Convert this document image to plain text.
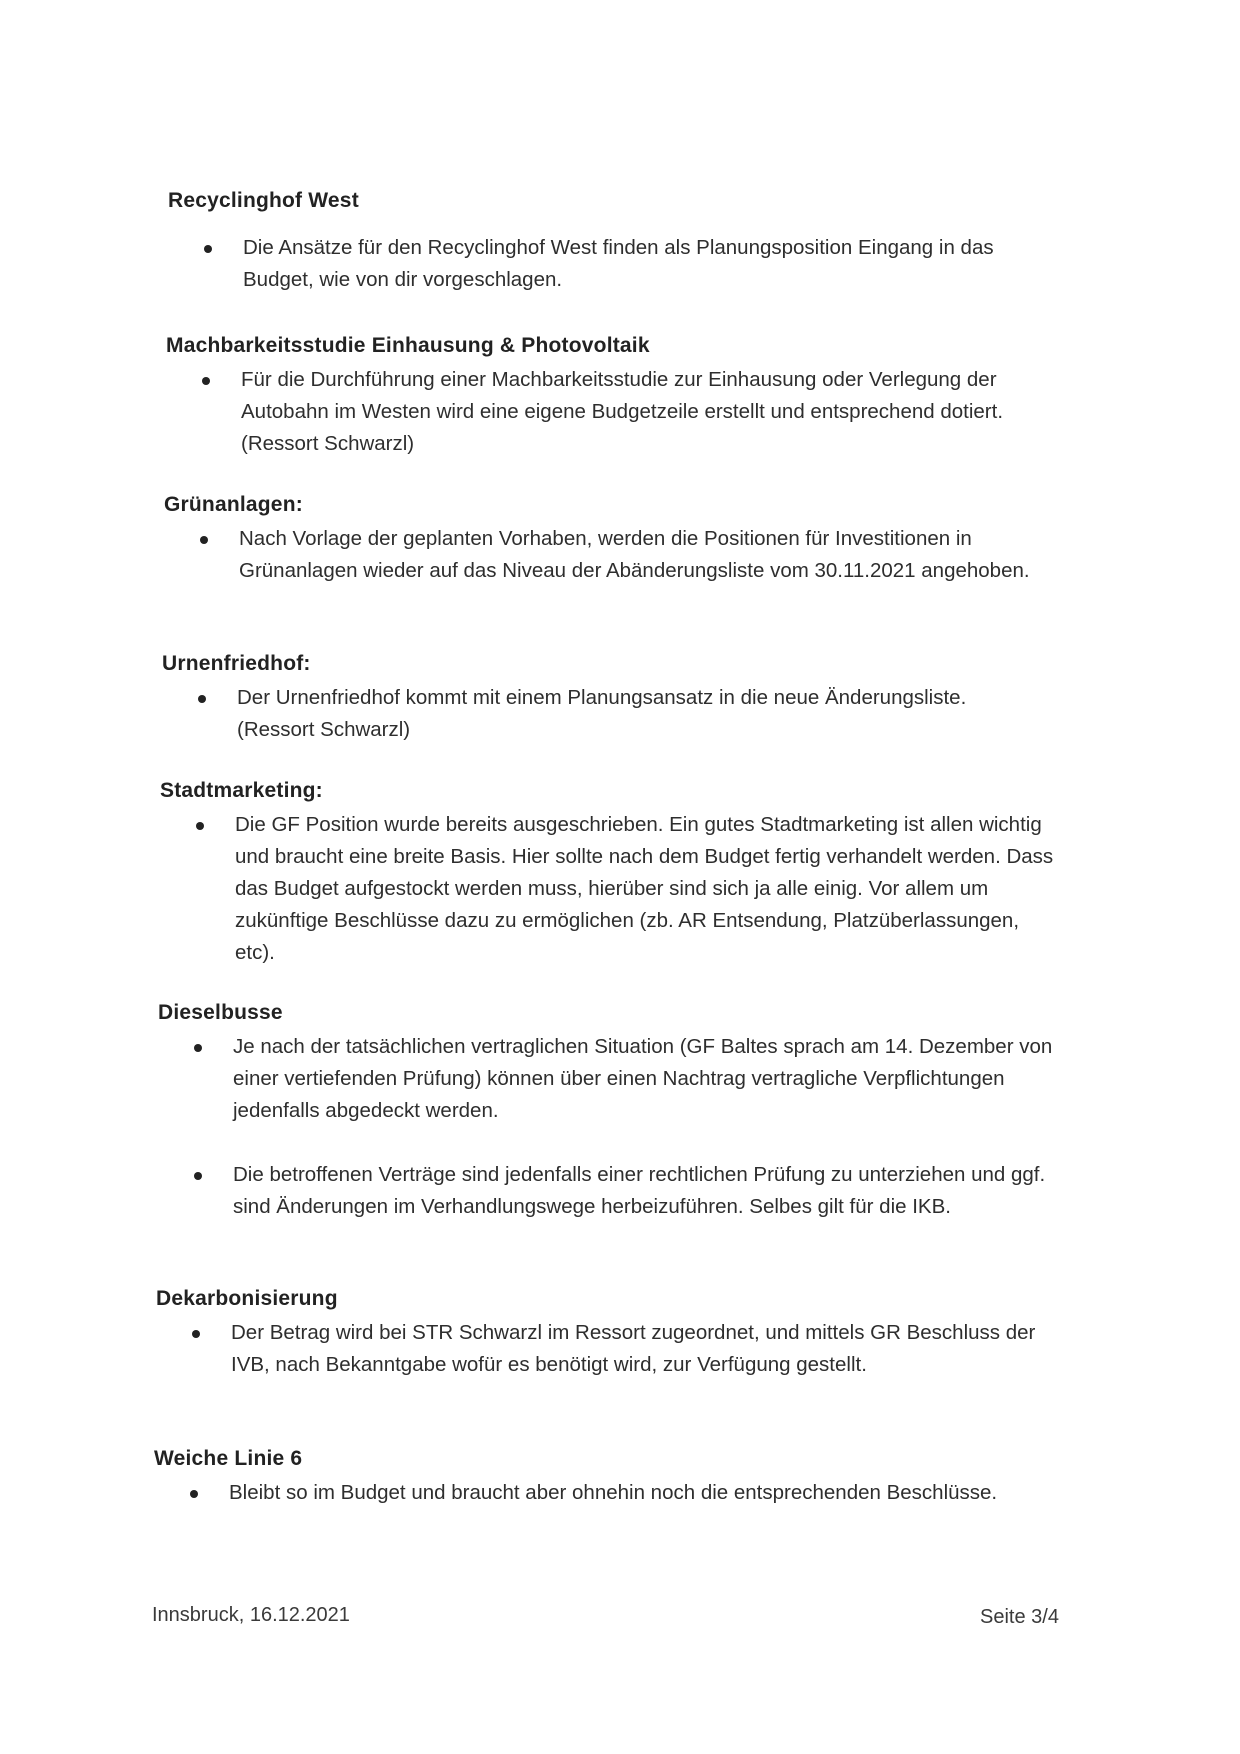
Recyclinghof West
Die Ansätze für den Recyclinghof West finden als Planungsposition Eingang in das Budget, wie von dir vorgeschlagen.
Machbarkeitsstudie Einhausung & Photovoltaik
Für die Durchführung einer Machbarkeitsstudie zur Einhausung oder Verlegung der Autobahn im Westen wird eine eigene Budgetzeile erstellt und entsprechend dotiert. (Ressort Schwarzl)
Grünanlagen:
Nach Vorlage der geplanten Vorhaben, werden die Positionen für Investitionen in Grünanlagen wieder auf das Niveau der Abänderungsliste vom 30.11.2021 angehoben.
Urnenfriedhof:
Der Urnenfriedhof kommt mit einem Planungsansatz in die neue Änderungsliste. (Ressort Schwarzl)
Stadtmarketing:
Die GF Position wurde bereits ausgeschrieben. Ein gutes Stadtmarketing ist allen wichtig und braucht eine breite Basis. Hier sollte nach dem Budget fertig verhandelt werden. Dass das Budget aufgestockt werden muss, hierüber sind sich ja alle einig. Vor allem um zukünftige Beschlüsse dazu zu ermöglichen (zb. AR Entsendung, Platzüberlassungen, etc).
Dieselbusse
Je nach der tatsächlichen vertraglichen Situation (GF Baltes sprach am 14. Dezember von einer vertiefenden Prüfung) können über einen Nachtrag vertragliche Verpflichtungen jedenfalls abgedeckt werden.
Die betroffenen Verträge sind jedenfalls einer rechtlichen Prüfung zu unterziehen und ggf. sind Änderungen im Verhandlungswege herbeizuführen. Selbes gilt für die IKB.
Dekarbonisierung
Der Betrag wird bei STR Schwarzl im Ressort zugeordnet, und mittels GR Beschluss der IVB, nach Bekanntgabe wofür es benötigt wird, zur Verfügung gestellt.
Weiche Linie 6
Bleibt so im Budget und braucht aber ohnehin noch die entsprechenden Beschlüsse.
Innsbruck, 16.12.2021	Seite 3/4
